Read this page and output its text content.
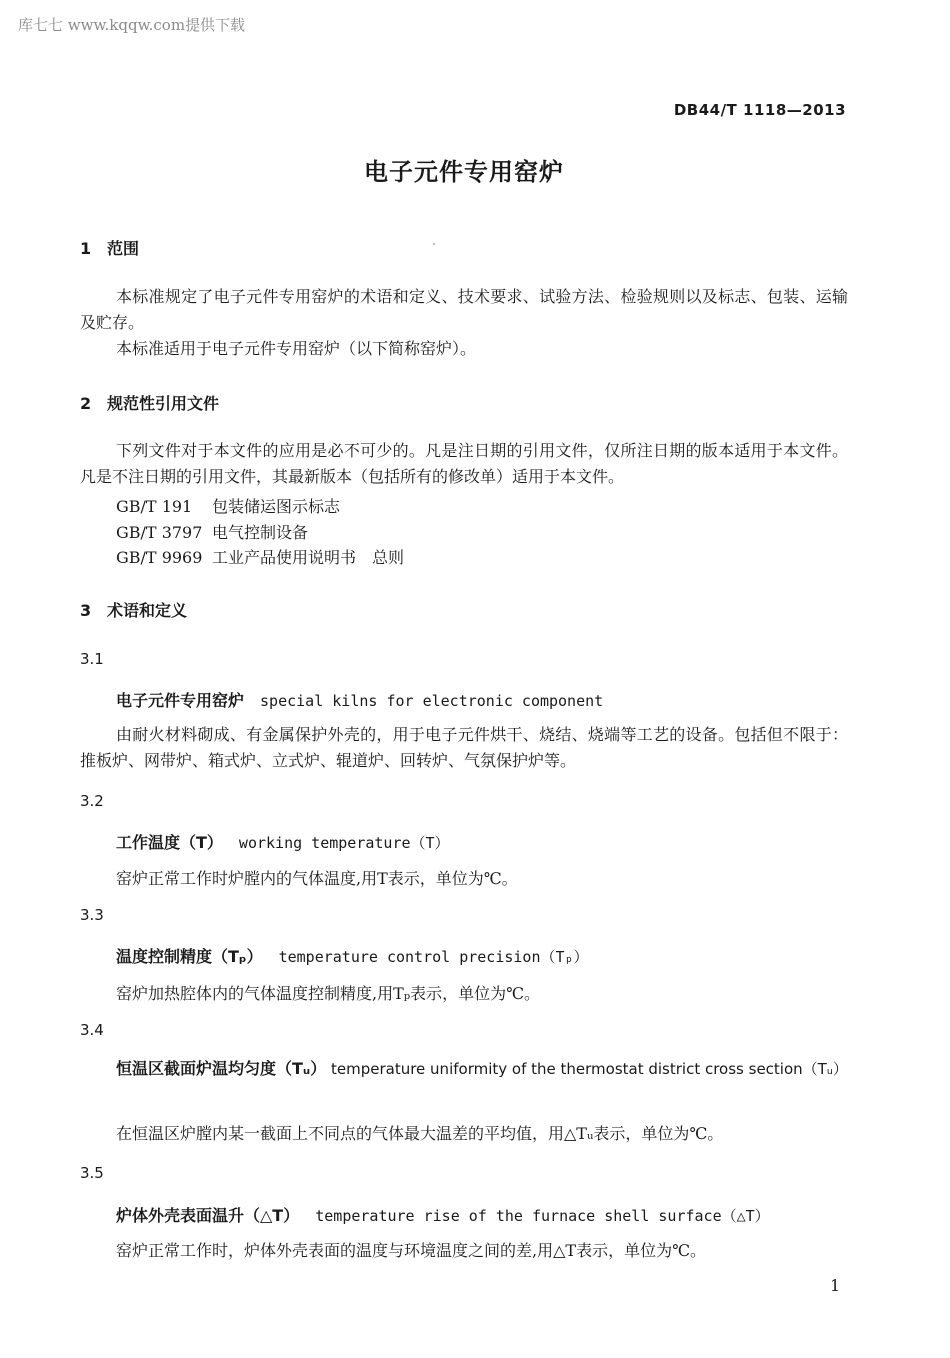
库七七 www.kqqw.com提供下载
DB44/T 1118—2013
电子元件专用窑炉
1 范围
本标准规定了电子元件专用窑炉的术语和定义、技术要求、试验方法、检验规则以及标志、包装、运输及贮存。
本标准适用于电子元件专用窑炉（以下简称窑炉）。
2 规范性引用文件
下列文件对于本文件的应用是必不可少的。凡是注日期的引用文件，仅所注日期的版本适用于本文件。凡是不注日期的引用文件，其最新版本（包括所有的修改单）适用于本文件。
GB/T 191 包装储运图示标志
GB/T 3797 电气控制设备
GB/T 9969 工业产品使用说明书　总则
3 术语和定义
3.1
电子元件专用窑炉 special kilns for electronic component
由耐火材料砌成、有金属保护外壳的，用于电子元件烘干、烧结、烧端等工艺的设备。包括但不限于：推板炉、网带炉、箱式炉、立式炉、辊道炉、回转炉、气氛保护炉等。
3.2
工作温度（T） working temperature（T）
窑炉正常工作时炉膛内的气体温度,用T表示，单位为℃。
3.3
温度控制精度（Tₚ） temperature control precision（Tₚ）
窑炉加热腔体内的气体温度控制精度,用Tₚ表示，单位为℃。
3.4
恒温区截面炉温均匀度（Tᵤ） temperature uniformity of the thermostat district cross section（Tᵤ）
在恒温区炉膛内某一截面上不同点的气体最大温差的平均值，用△Tᵤ表示，单位为℃。
3.5
炉体外壳表面温升（△T） temperature rise of the furnace shell surface（△T）
窑炉正常工作时，炉体外壳表面的温度与环境温度之间的差,用△T表示，单位为℃。
1
